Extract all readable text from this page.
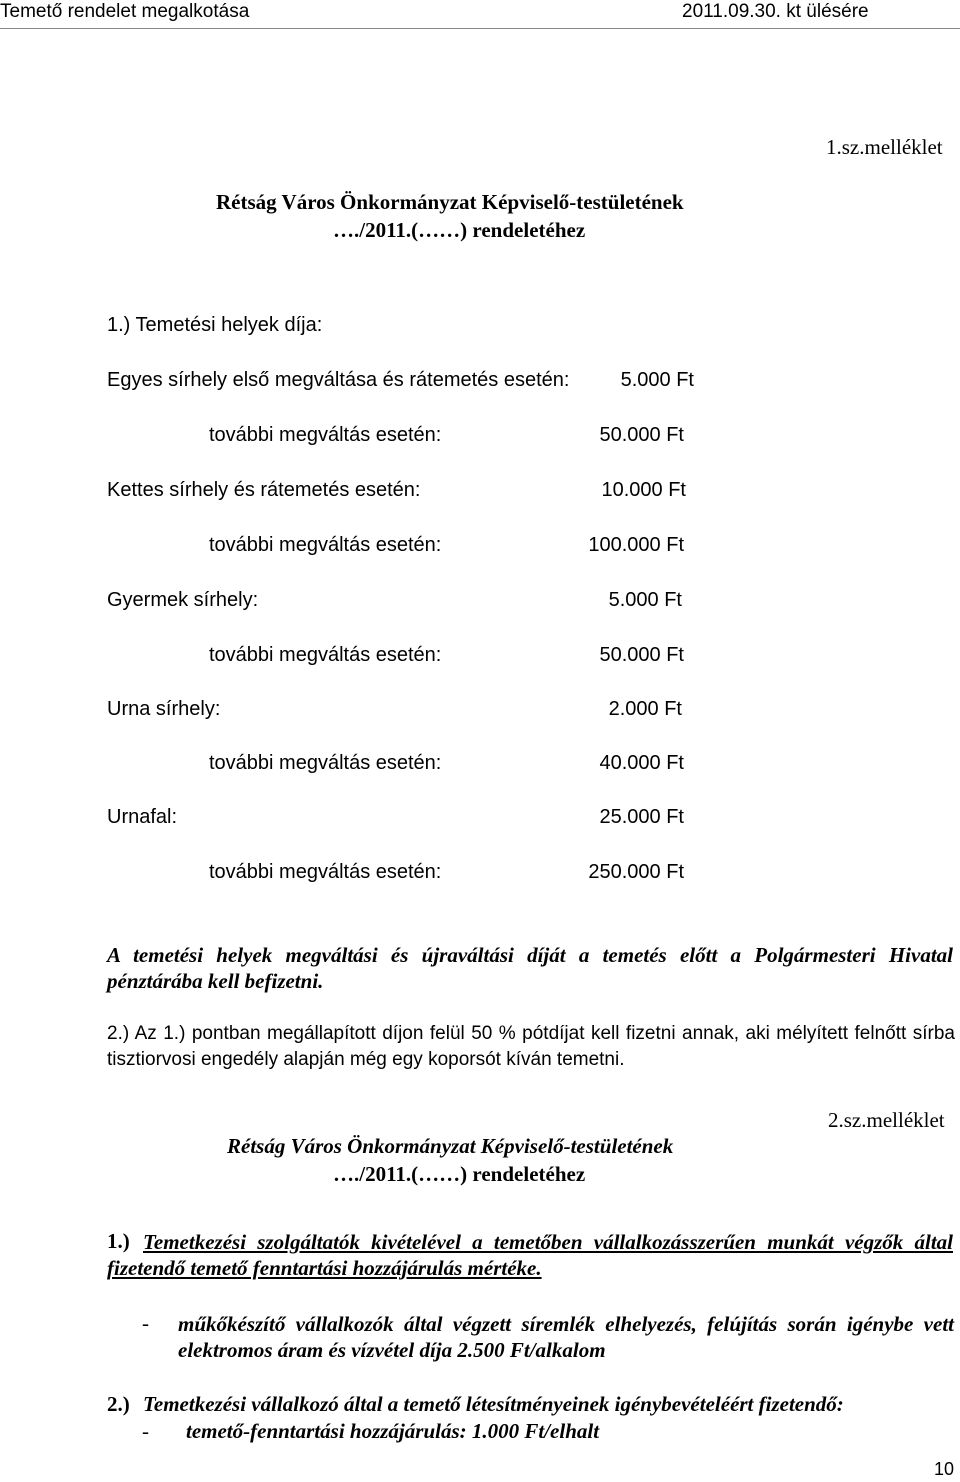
Temető rendelet megalkotása	2011.09.30. kt ülésére
1.sz.melléklet
Rétság Város Önkormányzat Képviselő-testületének
…./2011.(……) rendeletéhez
1.) Temetési helyek díja:
Egyes sírhely első megváltása és rátemetés esetén:	5.000 Ft
további megváltás esetén:	50.000 Ft
Kettes sírhely és rátemetés esetén:	10.000 Ft
további megváltás esetén:	100.000 Ft
Gyermek sírhely:	5.000 Ft
további megváltás esetén:	50.000 Ft
Urna sírhely:	2.000 Ft
további megváltás esetén:	40.000 Ft
Urnafal:	25.000 Ft
további megváltás esetén:	250.000 Ft
A temetési helyek megváltási és újraváltási díját a temetés előtt a Polgármesteri Hivatal pénztárába kell befizetni.
2.) Az 1.) pontban megállapított díjon felül 50 % pótdíjat kell fizetni annak, aki mélyített felnőtt sírba tisztiorvosi engedély alapján még egy koporsót kíván temetni.
2.sz.melléklet
Rétság Város Önkormányzat Képviselő-testületének
…./2011.(……) rendeletéhez
1.) Temetkezési szolgáltatók kivételével a temetőben vállalkozásszerűen munkát végzők által fizetendő temető fenntartási hozzájárulás mértéke.
- műkőkészítő vállalkozók által végzett síremlék elhelyezés, felújítás során igénybe vett elektromos áram és vízvétel díja 2.500 Ft/alkalom
2.) Temetkezési vállalkozó által a temető létesítményeinek igénybevételéért fizetendő:
- temető-fenntartási hozzájárulás: 1.000 Ft/elhalt
10
